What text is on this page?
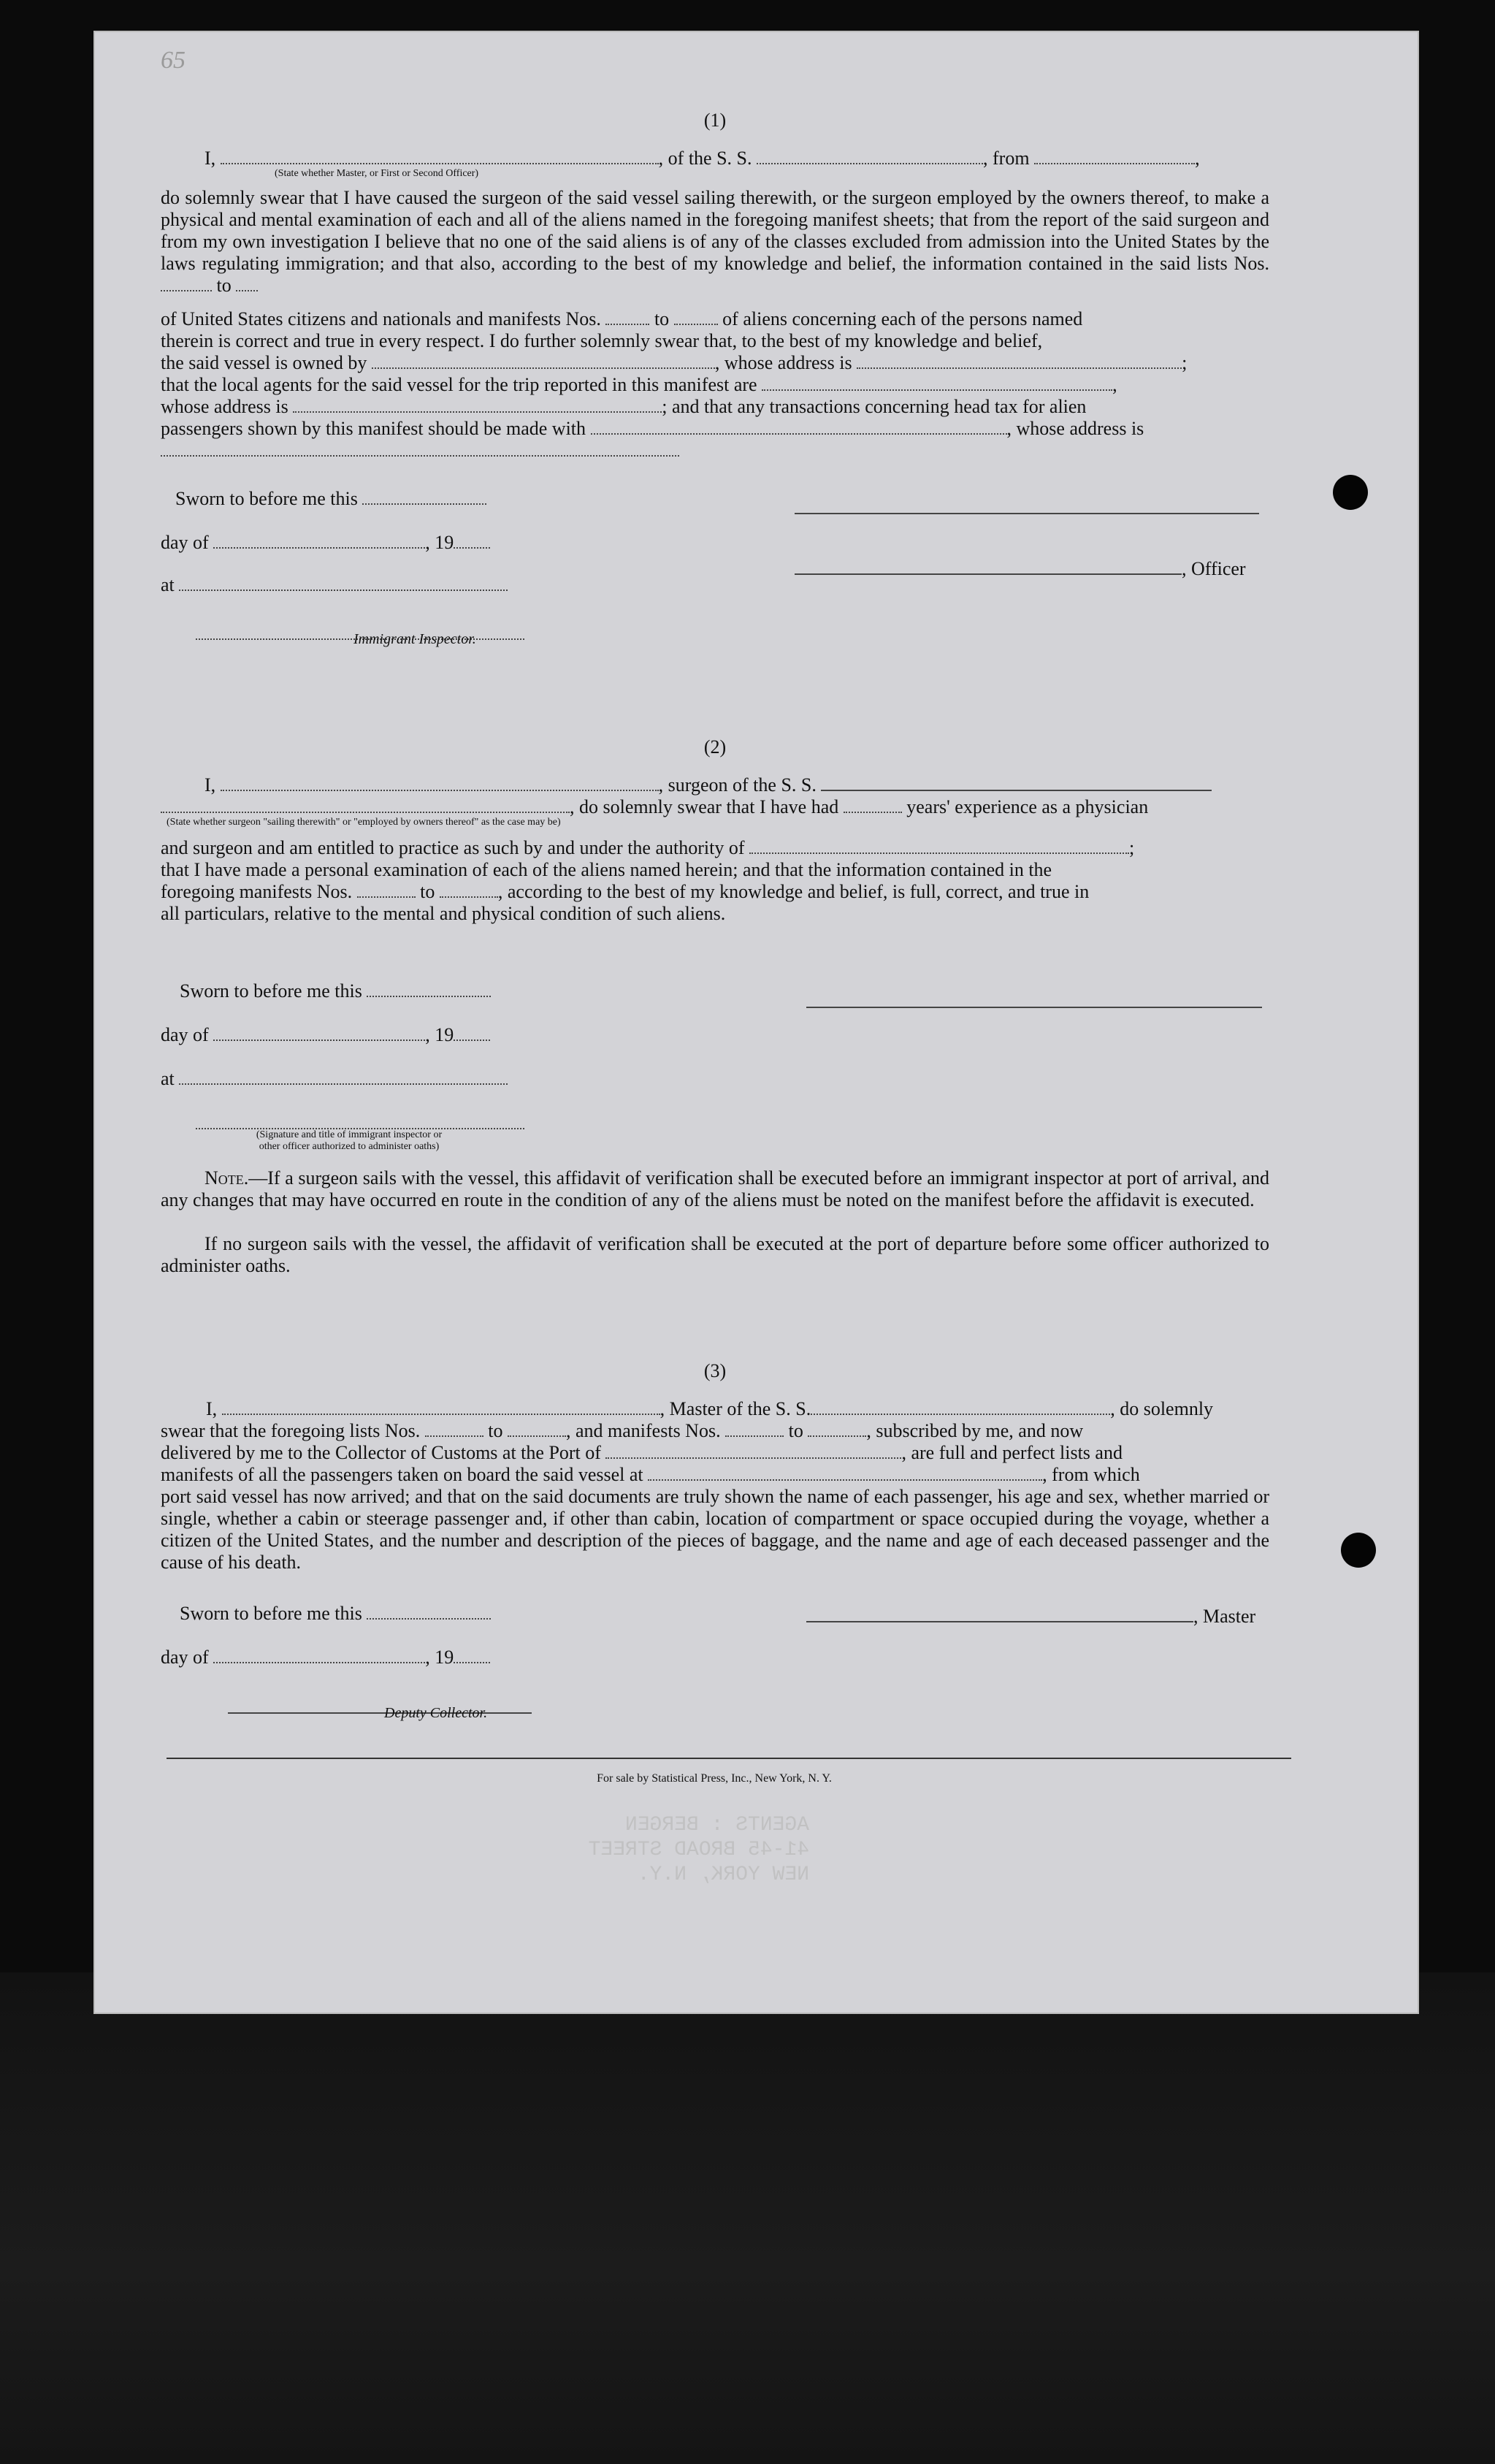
65
(1)
I,	, of the S. S.	, from	,
(State whether Master, or First or Second Officer)
do solemnly swear that I have caused the surgeon of the said vessel sailing therewith, or the surgeon employed by the owners thereof, to make a physical and mental examination of each and all of the aliens named in the foregoing manifest sheets; that from the report of the said surgeon and from my own investigation I believe that no one of the said aliens is of any of the classes excluded from admission into the United States by the laws regulating immigration; and that also, according to the best of my knowledge and belief, the information contained in the said lists Nos.  to
of United States citizens and nationals and manifests Nos.	to	of aliens concerning each of the persons named
therein is correct and true in every respect. I do further solemnly swear that, to the best of my knowledge and belief,
the said vessel is owned by	, whose address is	;
that the local agents for the said vessel for the trip reported in this manifest are	,
whose address is	; and that any transactions concerning head tax for alien
passengers shown by this manifest should be made with	, whose address is
Sworn to before me this
day of	, 19
, Officer
at
Immigrant Inspector.
(2)
I,	, surgeon of the S. S.
, do solemnly swear that I have had	years' experience as a physician
(State whether surgeon "sailing therewith" or "employed by owners thereof" as the case may be)
and surgeon and am entitled to practice as such by and under the authority of	;
that I have made a personal examination of each of the aliens named herein; and that the information contained in the
foregoing manifests Nos.	to	, according to the best of my knowledge and belief, is full, correct, and true in
all particulars, relative to the mental and physical condition of such aliens.
Sworn to before me this
day of	, 19
at
(Signature and title of immigrant inspector or
other officer authorized to administer oaths)
Note.—If a surgeon sails with the vessel, this affidavit of verification shall be executed before an immigrant inspector at port of arrival, and any changes that may have occurred en route in the condition of any of the aliens must be noted on the manifest before the affidavit is executed.
If no surgeon sails with the vessel, the affidavit of verification shall be executed at the port of departure before some officer authorized to administer oaths.
(3)
I,	, Master of the S. S.	, do solemnly
swear that the foregoing lists Nos.	to	, and manifests Nos.	to	, subscribed by me, and now
delivered by me to the Collector of Customs at the Port of	, are full and perfect lists and
manifests of all the passengers taken on board the said vessel at	, from which
port said vessel has now arrived; and that on the said documents are truly shown the name of each passenger, his age and sex, whether married or single, whether a cabin or steerage passenger and, if other than cabin, location of compartment or space occupied during the voyage, whether a citizen of the United States, and the number and description of the pieces of baggage, and the name and age of each deceased passenger and the cause of his death.
Sworn to before me this	, Master
day of	, 19
Deputy Collector.
For sale by Statistical Press, Inc., New York, N. Y.
AGENTS : BERGEN
41-45 BROAD STREET
NEW YORK, N.Y.
